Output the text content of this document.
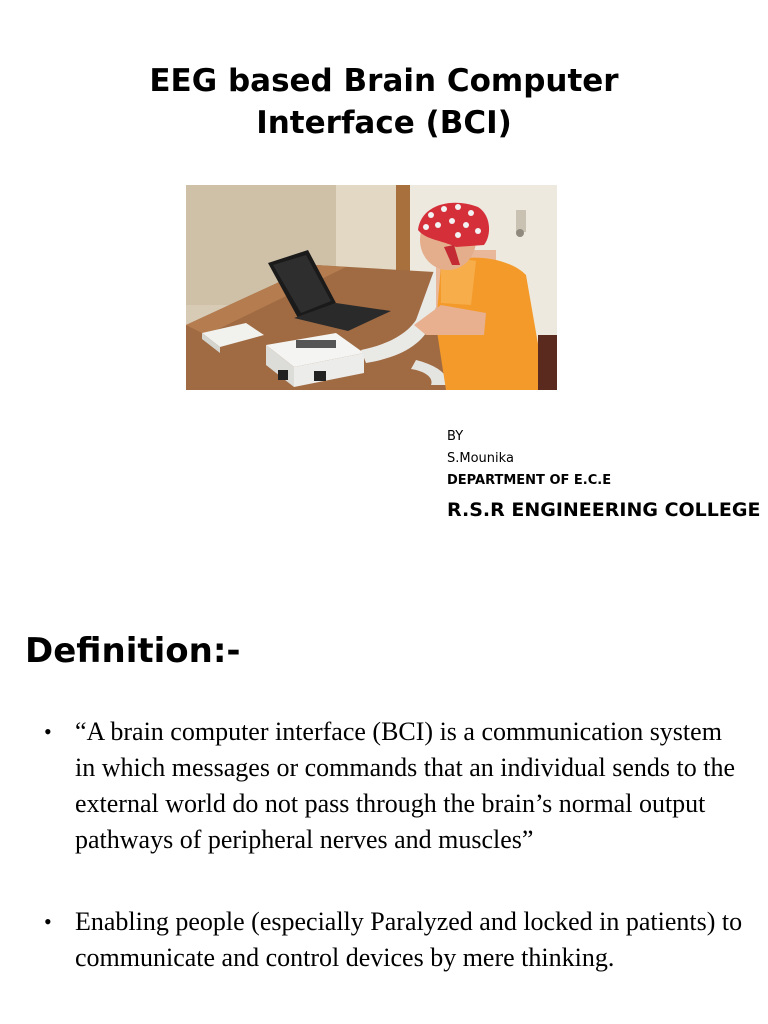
EEG based Brain Computer
Interface (BCI)
BY
S.Mounika
DEPARTMENT OF E.C.E
R.S.R ENGINEERING COLLEGE
Definition:-
• “A brain computer interface (BCI) is a communication system in which messages or commands that an individual sends to the external world do not pass through the brain’s normal output pathways of peripheral nerves and muscles”
• Enabling people (especially Paralyzed and locked in patients) to communicate and control devices by mere thinking.
